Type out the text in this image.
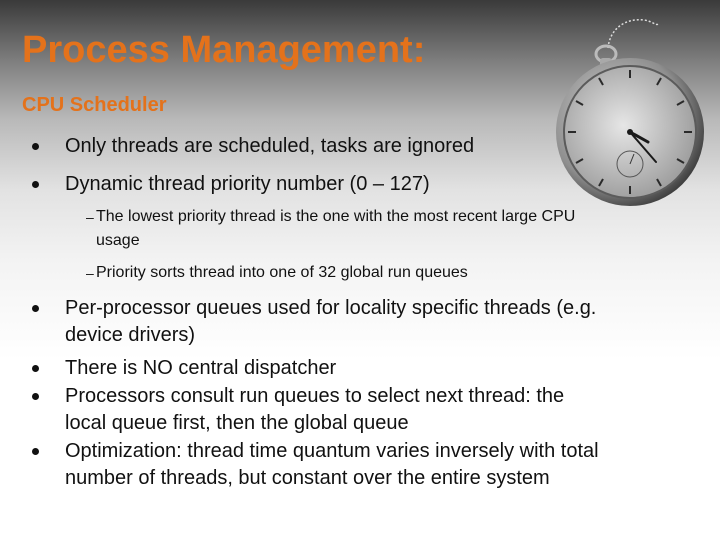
Process Management:
CPU Scheduler
Only threads are scheduled, tasks are ignored
Dynamic thread priority number (0 – 127)
– The lowest priority thread is the one with the most recent large CPU usage
– Priority sorts thread into one of 32 global run queues
Per-processor queues used for locality specific threads (e.g. device drivers)
There is NO central dispatcher
Processors consult run queues to select next thread: the local queue first, then the global queue
Optimization: thread time quantum varies inversely with total number of threads, but constant over the entire system
